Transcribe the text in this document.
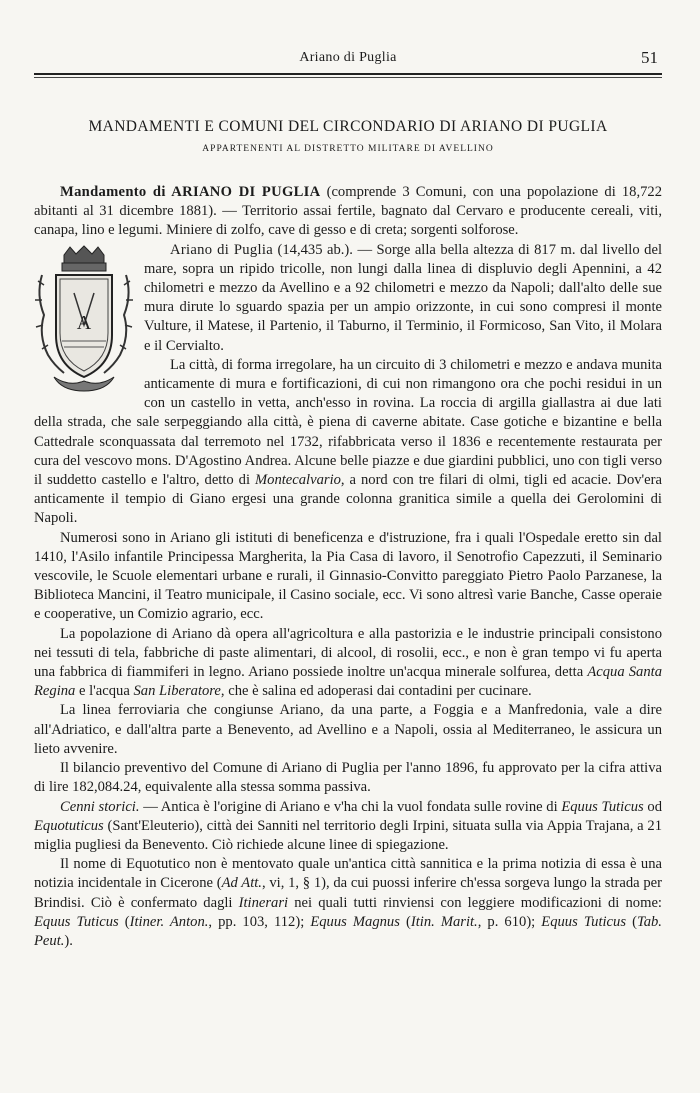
Ariano di Puglia	51
MANDAMENTI E COMUNI DEL CIRCONDARIO DI ARIANO DI PUGLIA
APPARTENENTI AL DISTRETTO MILITARE DI AVELLINO

Mandamento di ARIANO DI PUGLIA (comprende 3 Comuni, con una popolazione di 18,722 abitanti al 31 dicembre 1881). — Territorio assai fertile, bagnato dal Cervaro e producente cereali, viti, canapa, lino e legumi. Miniere di zolfo, cave di gesso e di creta; sorgenti solforose.

A

Ariano di Puglia (14,435 ab.). — Sorge alla bella altezza di 817 m. dal livello del mare, sopra un ripido tricolle, non lungi dalla linea di displuvio degli Apennini, a 42 chilometri e mezzo da Avellino e a 92 chilometri e mezzo da Napoli; dall'alto delle sue mura dirute lo sguardo spazia per un ampio orizzonte, in cui sono compresi il monte Vulture, il Matese, il Partenio, il Taburno, il Terminio, il Formicoso, San Vito, il Molara e il Cervialto.

La città, di forma irregolare, ha un circuito di 3 chilometri e mezzo e andava munita anticamente di mura e fortificazioni, di cui non rimangono ora che pochi residui in un con un castello in vetta, anch'esso in rovina. La roccia di argilla giallastra ai due lati della strada, che sale serpeggiando alla città, è piena di caverne abitate. Case gotiche e bizantine e bella Cattedrale sconquassata dal terremoto nel 1732, rifabbricata verso il 1836 e recentemente restaurata per cura del vescovo mons. D'Agostino Andrea. Alcune belle piazze e due giardini pubblici, uno con tigli verso il suddetto castello e l'altro, detto di Montecalvario, a nord con tre filari di olmi, tigli ed acacie. Dov'era anticamente il tempio di Giano ergesi una grande colonna granitica simile a quella dei Gerolomini di Napoli.

Numerosi sono in Ariano gli istituti di beneficenza e d'istruzione, fra i quali l'Ospedale eretto sin dal 1410, l'Asilo infantile Principessa Margherita, la Pia Casa di lavoro, il Senotrofio Capezzuti, il Seminario vescovile, le Scuole elementari urbane e rurali, il Ginnasio-Convitto pareggiato Pietro Paolo Parzanese, la Biblioteca Mancini, il Teatro municipale, il Casino sociale, ecc. Vi sono altresì varie Banche, Casse operaie e cooperative, un Comizio agrario, ecc.

La popolazione di Ariano dà opera all'agricoltura e alla pastorizia e le industrie principali consistono nei tessuti di tela, fabbriche di paste alimentari, di alcool, di rosolii, ecc., e non è gran tempo vi fu aperta una fabbrica di fiammiferi in legno. Ariano possiede inoltre un'acqua minerale solfurea, detta Acqua Santa Regina e l'acqua San Liberatore, che è salina ed adoperasi dai contadini per cucinare.

La linea ferroviaria che congiunse Ariano, da una parte, a Foggia e a Manfredonia, vale a dire all'Adriatico, e dall'altra parte a Benevento, ad Avellino e a Napoli, ossia al Mediterraneo, le assicura un lieto avvenire.

Il bilancio preventivo del Comune di Ariano di Puglia per l'anno 1896, fu approvato per la cifra attiva di lire 182,084.24, equivalente alla stessa somma passiva.

Cenni storici. — Antica è l'origine di Ariano e v'ha chi la vuol fondata sulle rovine di Equus Tuticus od Equotuticus (Sant'Eleuterio), città dei Sanniti nel territorio degli Irpini, situata sulla via Appia Trajana, a 21 miglia pugliesi da Benevento. Ciò richiede alcune linee di spiegazione.

Il nome di Equotutico non è mentovato quale un'antica città sannitica e la prima notizia di essa è una notizia incidentale in Cicerone (Ad Att., vi, 1, § 1), da cui puossi inferire ch'essa sorgeva lungo la strada per Brindisi. Ciò è confermato dagli Itinerari nei quali tutti rinviensi con leggiere modificazioni di nome: Equus Tuticus (Itiner. Anton., pp. 103, 112); Equus Magnus (Itin. Marit., p. 610); Equus Tuticus (Tab. Peut.).
